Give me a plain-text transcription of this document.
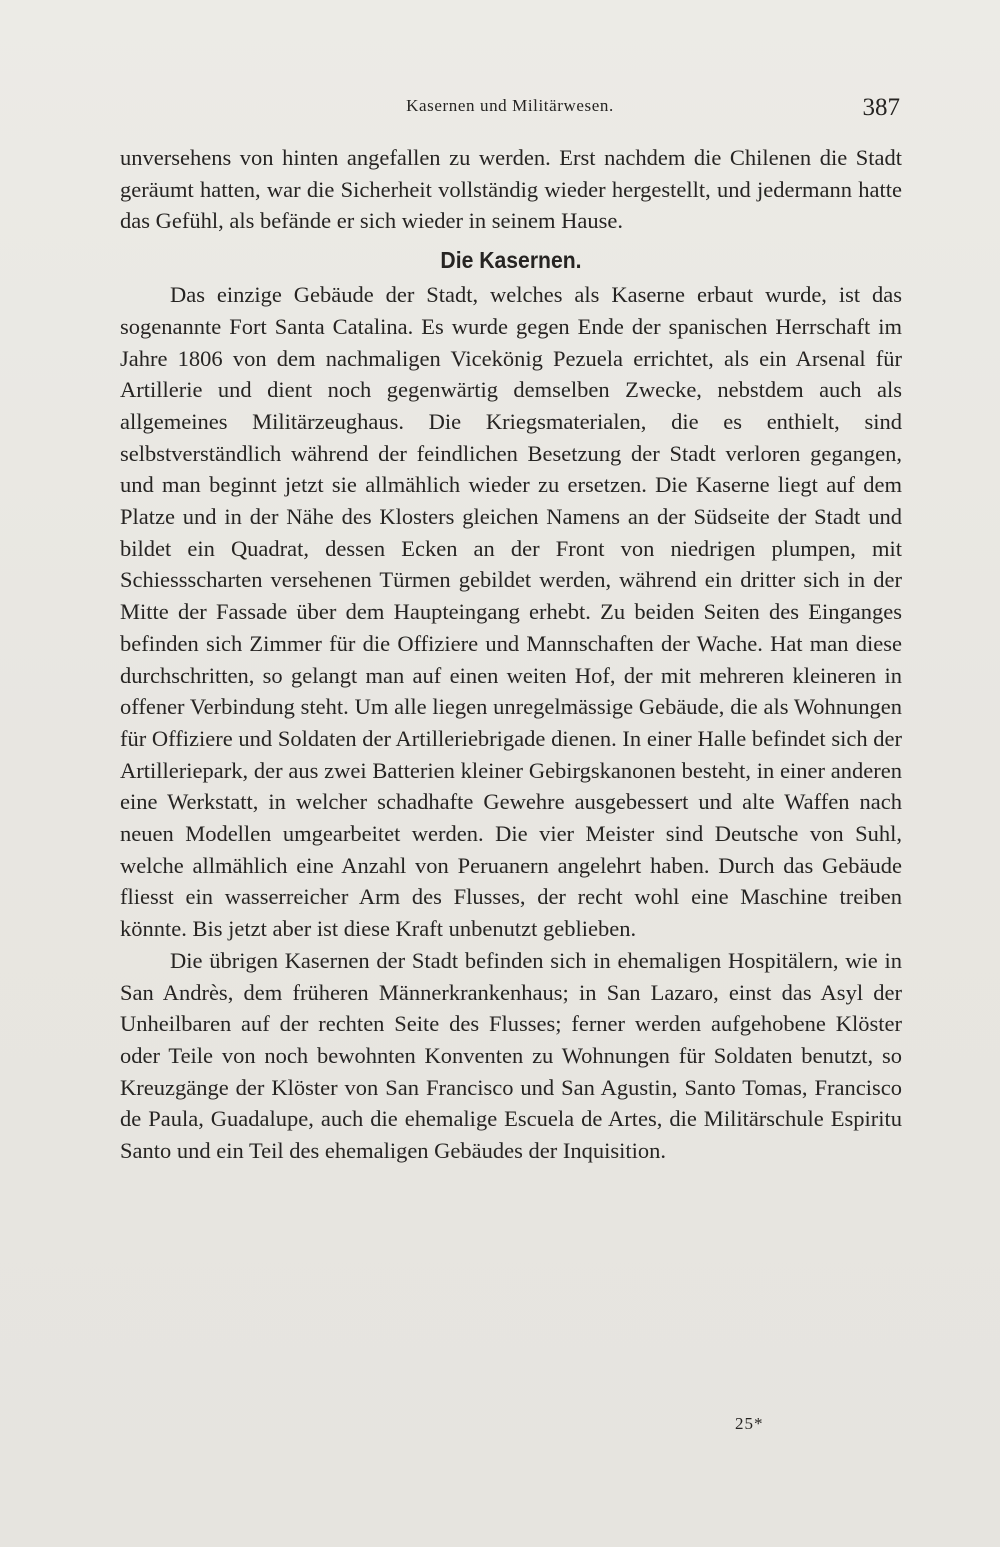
Kasernen und Militärwesen.	387

unversehens von hinten angefallen zu werden. Erst nachdem die Chilenen die Stadt geräumt hatten, war die Sicherheit vollständig wieder hergestellt, und jedermann hatte das Gefühl, als befände er sich wieder in seinem Hause.

Die Kasernen.

Das einzige Gebäude der Stadt, welches als Kaserne erbaut wurde, ist das sogenannte Fort Santa Catalina. Es wurde gegen Ende der spanischen Herrschaft im Jahre 1806 von dem nachmaligen Vicekönig Pezuela errichtet, als ein Arsenal für Artillerie und dient noch gegenwärtig demselben Zwecke, nebstdem auch als allgemeines Militärzeughaus. Die Kriegsmaterialen, die es enthielt, sind selbstverständlich während der feindlichen Besetzung der Stadt verloren gegangen, und man beginnt jetzt sie allmählich wieder zu ersetzen. Die Kaserne liegt auf dem Platze und in der Nähe des Klosters gleichen Namens an der Südseite der Stadt und bildet ein Quadrat, dessen Ecken an der Front von niedrigen plumpen, mit Schiessscharten versehenen Türmen gebildet werden, während ein dritter sich in der Mitte der Fassade über dem Haupteingang erhebt. Zu beiden Seiten des Einganges befinden sich Zimmer für die Offiziere und Mannschaften der Wache. Hat man diese durchschritten, so gelangt man auf einen weiten Hof, der mit mehreren kleineren in offener Verbindung steht. Um alle liegen unregelmässige Gebäude, die als Wohnungen für Offiziere und Soldaten der Artilleriebrigade dienen. In einer Halle befindet sich der Artilleriepark, der aus zwei Batterien kleiner Gebirgskanonen besteht, in einer anderen eine Werkstatt, in welcher schadhafte Gewehre ausgebessert und alte Waffen nach neuen Modellen umgearbeitet werden. Die vier Meister sind Deutsche von Suhl, welche allmählich eine Anzahl von Peruanern angelehrt haben. Durch das Gebäude fliesst ein wasserreicher Arm des Flusses, der recht wohl eine Maschine treiben könnte. Bis jetzt aber ist diese Kraft unbenutzt geblieben.

Die übrigen Kasernen der Stadt befinden sich in ehemaligen Hospitälern, wie in San Andrès, dem früheren Männerkrankenhaus; in San Lazaro, einst das Asyl der Unheilbaren auf der rechten Seite des Flusses; ferner werden aufgehobene Klöster oder Teile von noch bewohnten Konventen zu Wohnungen für Soldaten benutzt, so Kreuzgänge der Klöster von San Francisco und San Agustin, Santo Tomas, Francisco de Paula, Guadalupe, auch die ehemalige Escuela de Artes, die Militärschule Espiritu Santo und ein Teil des ehemaligen Gebäudes der Inquisition.

25*
